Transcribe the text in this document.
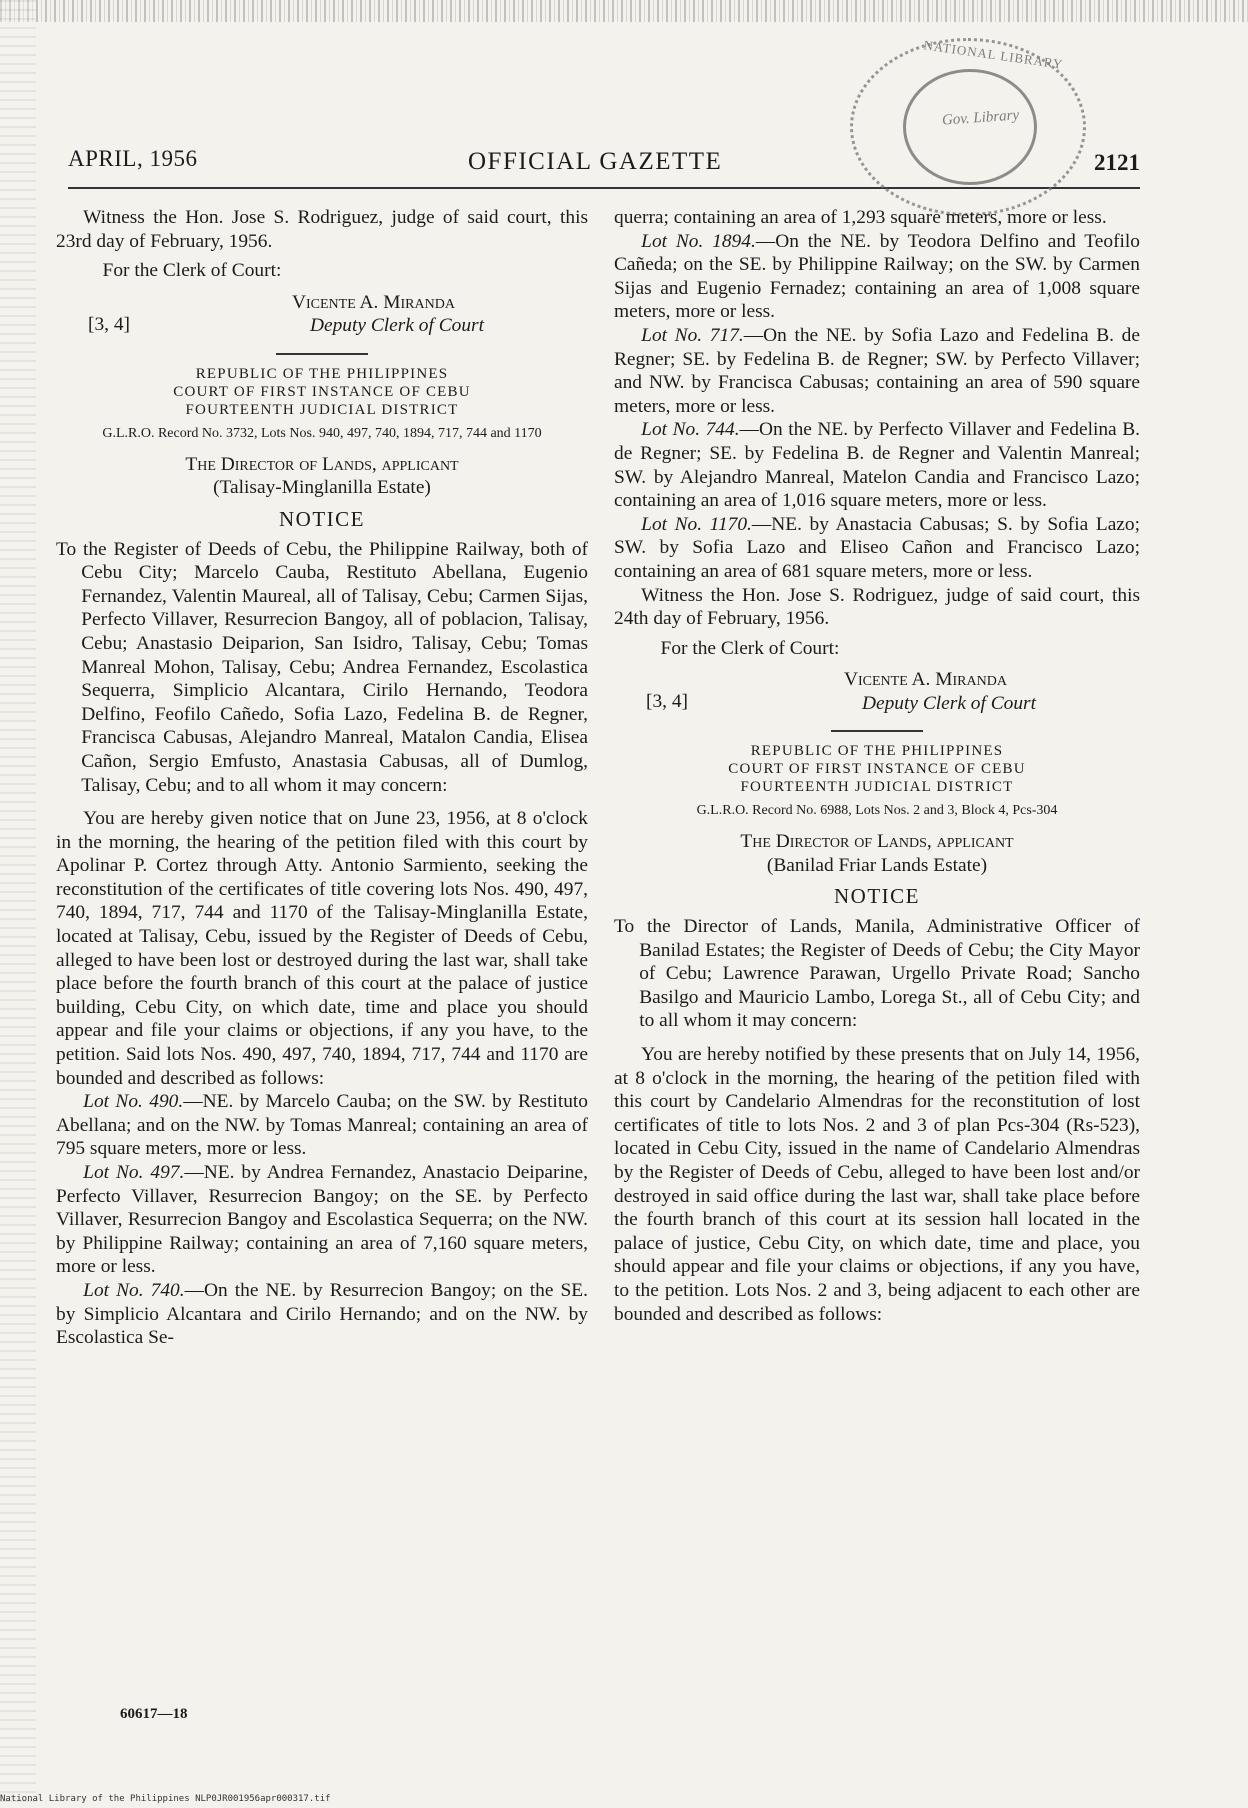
APRIL, 1956	OFFICIAL GAZETTE	2121
NATIONAL LIBRARY
Gov. Library

Witness the Hon. Jose S. Rodriguez, judge of said court, this 23rd day of February, 1956.

For the Clerk of Court:

[3, 4]
Vicente A. Miranda
Deputy Clerk of Court
REPUBLIC OF THE PHILIPPINES
COURT OF FIRST INSTANCE OF CEBU
FOURTEENTH JUDICIAL DISTRICT
G.L.R.O. Record No. 3732, Lots Nos. 940, 497, 740, 1894, 717, 744 and 1170
The Director of Lands, applicant
(Talisay-Minglanilla Estate)
NOTICE

To the Register of Deeds of Cebu, the Philippine Railway, both of Cebu City; Marcelo Cauba, Restituto Abellana, Eugenio Fernandez, Valentin Maureal, all of Talisay, Cebu; Carmen Sijas, Perfecto Villaver, Resurrecion Bangoy, all of poblacion, Talisay, Cebu; Anastasio Deiparion, San Isidro, Talisay, Cebu; Tomas Manreal Mohon, Talisay, Cebu; Andrea Fernandez, Escolastica Sequerra, Simplicio Alcantara, Cirilo Hernando, Teodora Delfino, Feofilo Cañedo, Sofia Lazo, Fedelina B. de Regner, Francisca Cabusas, Alejandro Manreal, Matalon Candia, Elisea Cañon, Sergio Emfusto, Anastasia Cabusas, all of Dumlog, Talisay, Cebu; and to all whom it may concern:

You are hereby given notice that on June 23, 1956, at 8 o'clock in the morning, the hearing of the petition filed with this court by Apolinar P. Cortez through Atty. Antonio Sarmiento, seeking the reconstitution of the certificates of title covering lots Nos. 490, 497, 740, 1894, 717, 744 and 1170 of the Talisay-Minglanilla Estate, located at Talisay, Cebu, issued by the Register of Deeds of Cebu, alleged to have been lost or destroyed during the last war, shall take place before the fourth branch of this court at the palace of justice building, Cebu City, on which date, time and place you should appear and file your claims or objections, if any you have, to the petition. Said lots Nos. 490, 497, 740, 1894, 717, 744 and 1170 are bounded and described as follows:

Lot No. 490.—NE. by Marcelo Cauba; on the SW. by Restituto Abellana; and on the NW. by Tomas Manreal; containing an area of 795 square meters, more or less.

Lot No. 497.—NE. by Andrea Fernandez, Anastacio Deiparine, Perfecto Villaver, Resurrecion Bangoy; on the SE. by Perfecto Villaver, Resurrecion Bangoy and Escolastica Sequerra; on the NW. by Philippine Railway; containing an area of 7,160 square meters, more or less.

Lot No. 740.—On the NE. by Resurrecion Bangoy; on the SE. by Simplicio Alcantara and Cirilo Hernando; and on the NW. by Escolastica Se-

querra; containing an area of 1,293 square meters, more or less.

Lot No. 1894.—On the NE. by Teodora Delfino and Teofilo Cañeda; on the SE. by Philippine Railway; on the SW. by Carmen Sijas and Eugenio Fernadez; containing an area of 1,008 square meters, more or less.

Lot No. 717.—On the NE. by Sofia Lazo and Fedelina B. de Regner; SE. by Fedelina B. de Regner; SW. by Perfecto Villaver; and NW. by Francisca Cabusas; containing an area of 590 square meters, more or less.

Lot No. 744.—On the NE. by Perfecto Villaver and Fedelina B. de Regner; SE. by Fedelina B. de Regner and Valentin Manreal; SW. by Alejandro Manreal, Matelon Candia and Francisco Lazo; containing an area of 1,016 square meters, more or less.

Lot No. 1170.—NE. by Anastacia Cabusas; S. by Sofia Lazo; SW. by Sofia Lazo and Eliseo Cañon and Francisco Lazo; containing an area of 681 square meters, more or less.

Witness the Hon. Jose S. Rodriguez, judge of said court, this 24th day of February, 1956.

For the Clerk of Court:

[3, 4]
Vicente A. Miranda
Deputy Clerk of Court
REPUBLIC OF THE PHILIPPINES
COURT OF FIRST INSTANCE OF CEBU
FOURTEENTH JUDICIAL DISTRICT
G.L.R.O. Record No. 6988, Lots Nos. 2 and 3, Block 4, Pcs-304
The Director of Lands, applicant
(Banilad Friar Lands Estate)
NOTICE

To the Director of Lands, Manila, Administrative Officer of Banilad Estates; the Register of Deeds of Cebu; the City Mayor of Cebu; Lawrence Parawan, Urgello Private Road; Sancho Basilgo and Mauricio Lambo, Lorega St., all of Cebu City; and to all whom it may concern:

You are hereby notified by these presents that on July 14, 1956, at 8 o'clock in the morning, the hearing of the petition filed with this court by Candelario Almendras for the reconstitution of lost certificates of title to lots Nos. 2 and 3 of plan Pcs-304 (Rs-523), located in Cebu City, issued in the name of Candelario Almendras by the Register of Deeds of Cebu, alleged to have been lost and/or destroyed in said office during the last war, shall take place before the fourth branch of this court at its session hall located in the palace of justice, Cebu City, on which date, time and place, you should appear and file your claims or objections, if any you have, to the petition. Lots Nos. 2 and 3, being adjacent to each other are bounded and described as follows:

60617—18
National Library of the Philippines NLP0JR001956apr000317.tif
